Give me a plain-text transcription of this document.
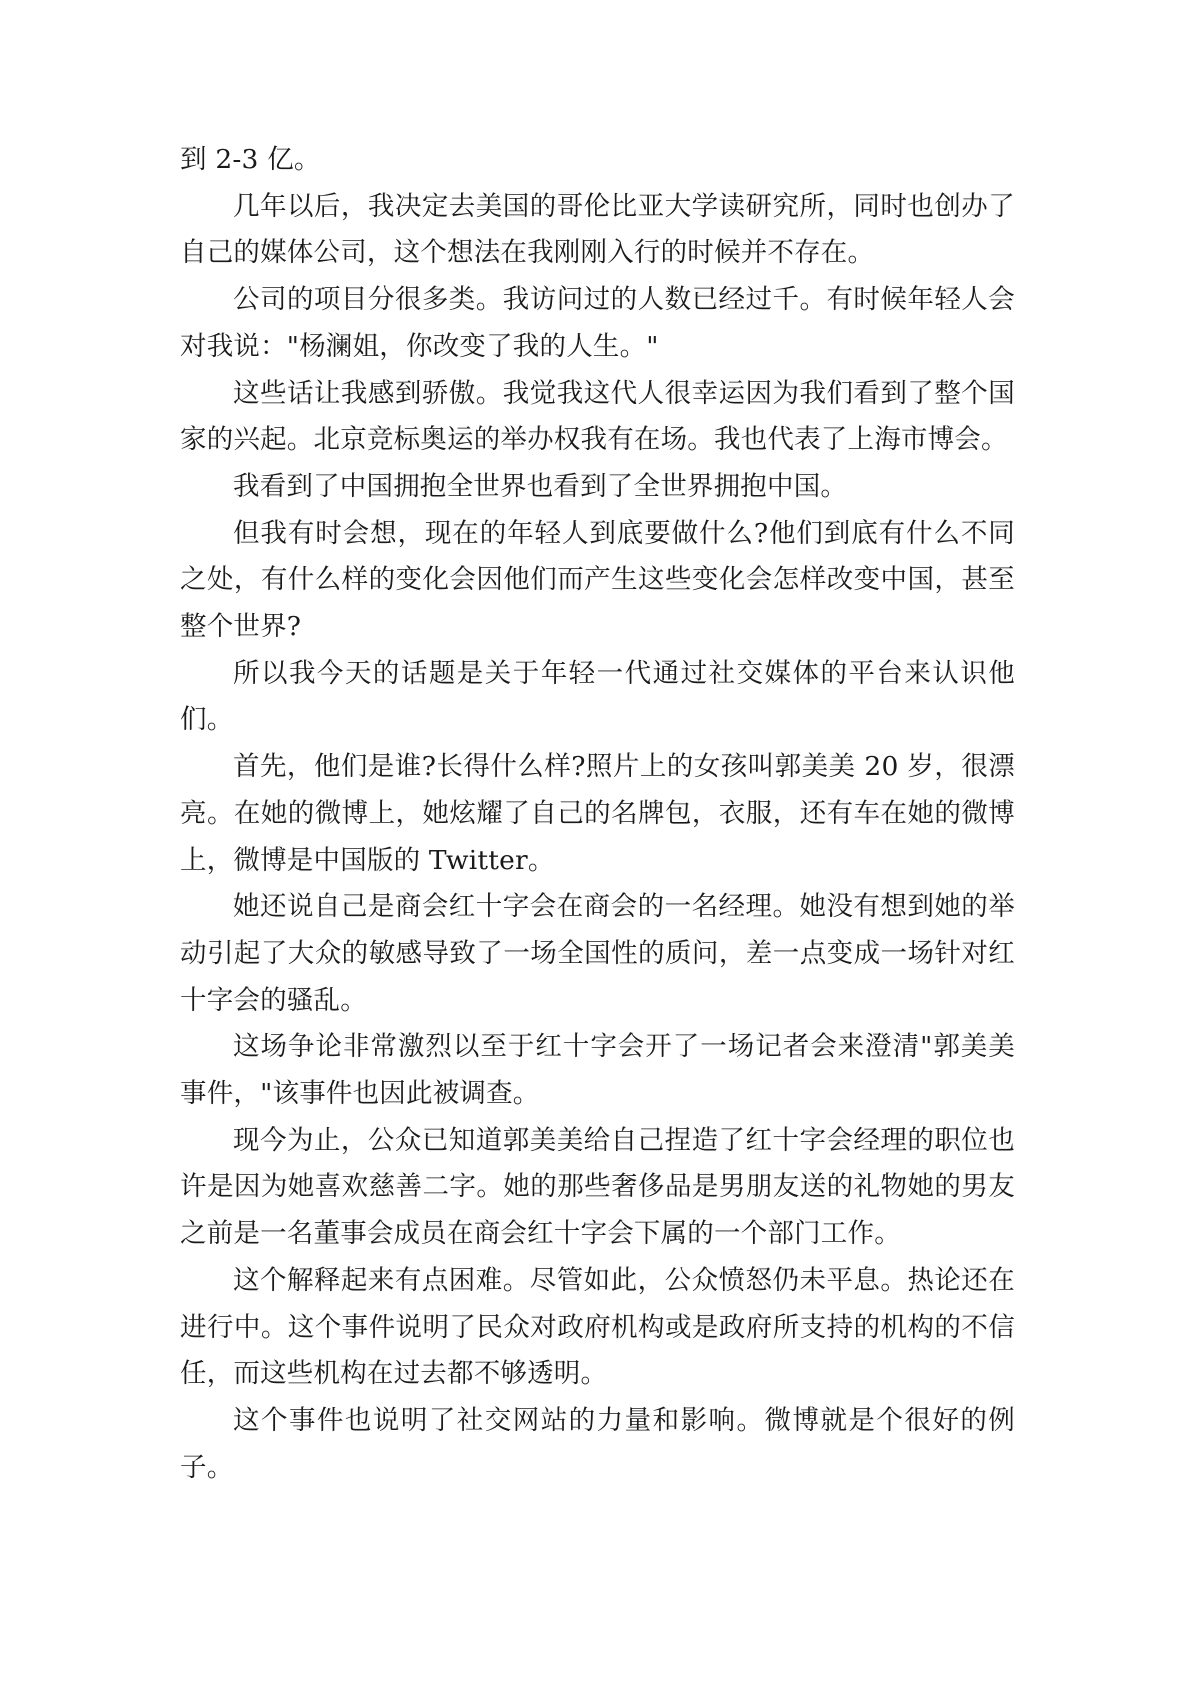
到 2-3 亿。

几年以后，我决定去美国的哥伦比亚大学读研究所，同时也创办了自己的媒体公司，这个想法在我刚刚入行的时候并不存在。

公司的项目分很多类。我访问过的人数已经过千。有时候年轻人会对我说："杨澜姐，你改变了我的人生。"

这些话让我感到骄傲。我觉我这代人很幸运因为我们看到了整个国家的兴起。北京竞标奥运的举办权我有在场。我也代表了上海市博会。

我看到了中国拥抱全世界也看到了全世界拥抱中国。

但我有时会想，现在的年轻人到底要做什么?他们到底有什么不同之处，有什么样的变化会因他们而产生这些变化会怎样改变中国，甚至整个世界?

所以我今天的话题是关于年轻一代通过社交媒体的平台来认识他们。

首先，他们是谁?长得什么样?照片上的女孩叫郭美美 20 岁，很漂亮。在她的微博上，她炫耀了自己的名牌包，衣服，还有车在她的微博上，微博是中国版的 Twitter。

她还说自己是商会红十字会在商会的一名经理。她没有想到她的举动引起了大众的敏感导致了一场全国性的质问，差一点变成一场针对红十字会的骚乱。

这场争论非常激烈以至于红十字会开了一场记者会来澄清"郭美美事件，"该事件也因此被调查。

现今为止，公众已知道郭美美给自己捏造了红十字会经理的职位也许是因为她喜欢慈善二字。她的那些奢侈品是男朋友送的礼物她的男友之前是一名董事会成员在商会红十字会下属的一个部门工作。

这个解释起来有点困难。尽管如此，公众愤怒仍未平息。热论还在进行中。这个事件说明了民众对政府机构或是政府所支持的机构的不信任，而这些机构在过去都不够透明。

这个事件也说明了社交网站的力量和影响。微博就是个很好的例子。
